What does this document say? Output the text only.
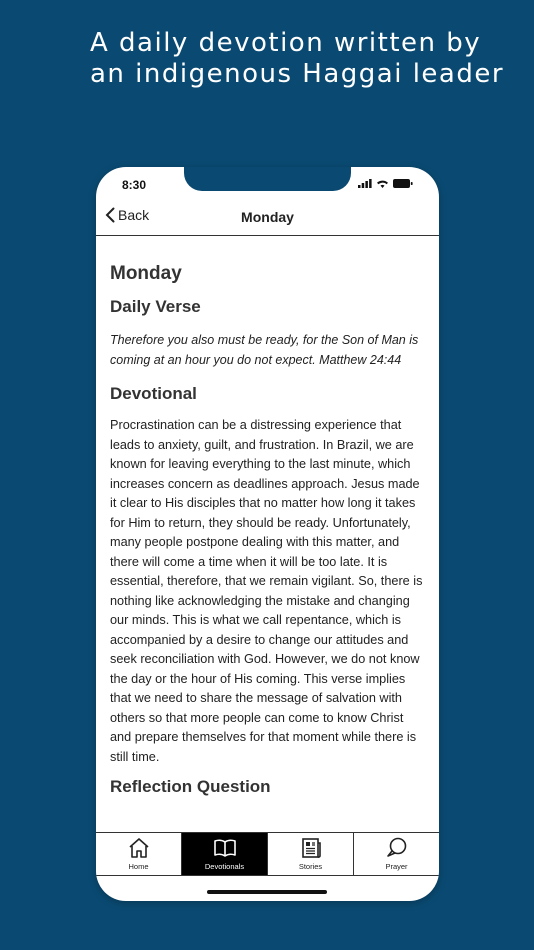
A daily devotion written by an indigenous Haggai leader
8:30
Back	Monday
Monday
Daily Verse
Therefore you also must be ready, for the Son of Man is coming at an hour you do not expect. Matthew 24:44
Devotional
Procrastination can be a distressing experience that leads to anxiety, guilt, and frustration. In Brazil, we are known for leaving everything to the last minute, which increases concern as deadlines approach. Jesus made it clear to His disciples that no matter how long it takes for Him to return, they should be ready. Unfortunately, many people postpone dealing with this matter, and there will come a time when it will be too late. It is essential, therefore, that we remain vigilant. So, there is nothing like acknowledging the mistake and changing our minds. This is what we call repentance, which is accompanied by a desire to change our attitudes and seek reconciliation with God. However, we do not know the day or the hour of His coming. This verse implies that we need to share the message of salvation with others so that more people can come to know Christ and prepare themselves for that moment while there is still time.
Reflection Question
Home	Devotionals	Stories	Prayer
